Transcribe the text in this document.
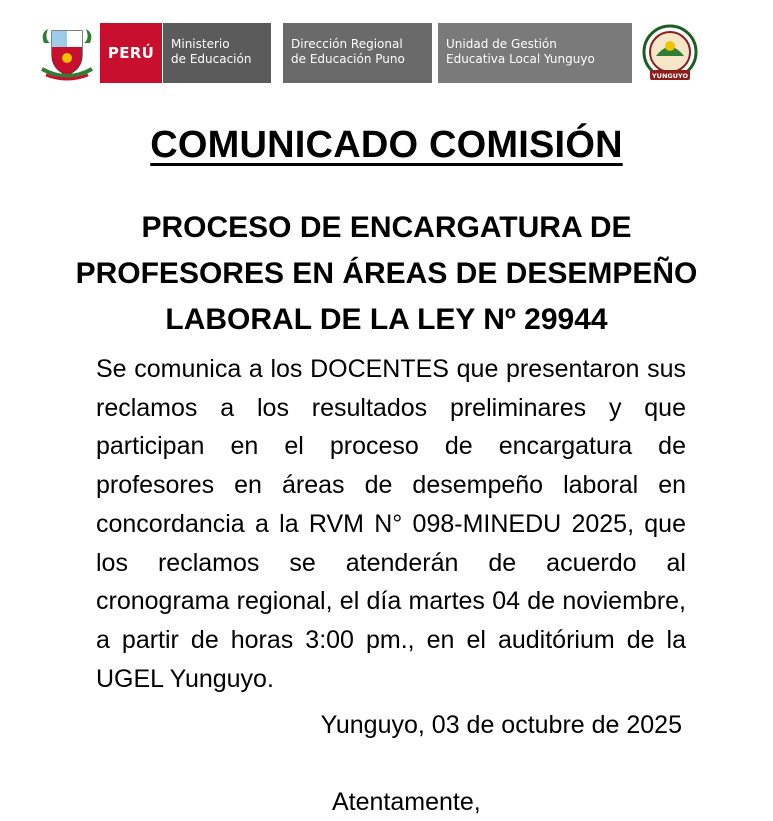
PERÚ	Ministerio
de Educación
Dirección Regional
de Educación Puno
Unidad de Gestión
Educativa Local Yunguyo
YUNGUYO
COMUNICADO COMISIÓN
PROCESO DE ENCARGATURA DE
PROFESORES EN ÁREAS DE DESEMPEÑO
LABORAL DE LA LEY Nº 29944
Se comunica a los DOCENTES que presentaron sus reclamos a los resultados preliminares y que participan en el proceso de encargatura de profesores en áreas de desempeño laboral en concordancia a la RVM N° 098-MINEDU 2025, que los reclamos se atenderán de acuerdo al cronograma regional, el día martes 04 de noviembre, a partir de horas 3:00 pm., en el auditórium de la UGEL Yunguyo.
Yunguyo, 03 de octubre de 2025
Atentamente,
